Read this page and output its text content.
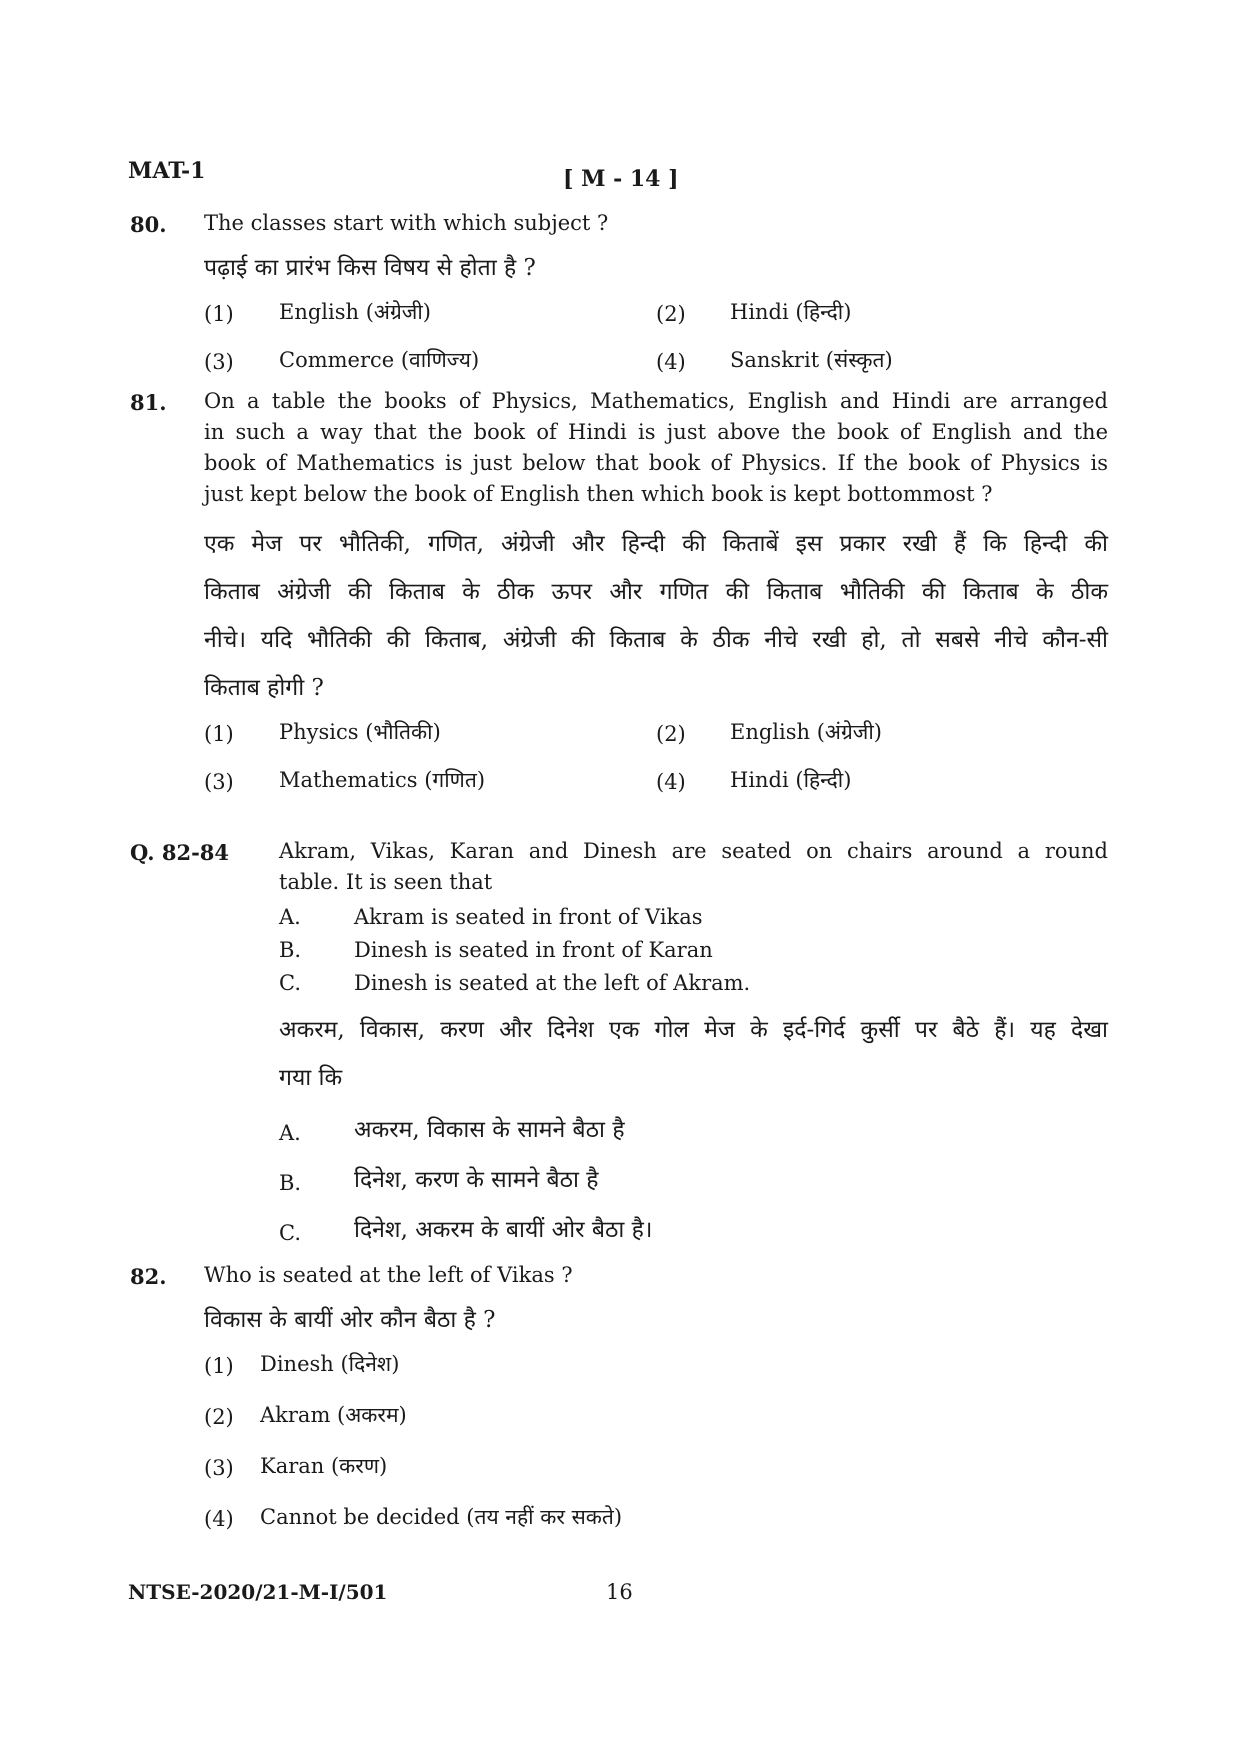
MAT-1	[ M - 14 ]
80. The classes start with which subject ?
पढ़ाई का प्रारंभ किस विषय से होता है ?
(1) English (अंग्रेजी)	(2) Hindi (हिन्दी)
(3) Commerce (वाणिज्य)	(4) Sanskrit (संस्कृत)
81. On a table the books of Physics, Mathematics, English and Hindi are arranged
in such a way that the book of Hindi is just above the book of English and the
book of Mathematics is just below that book of Physics. If the book of Physics is
just kept below the book of English then which book is kept bottommost ?
एक मेज पर भौतिकी, गणित, अंग्रेजी और हिन्दी की किताबें इस प्रकार रखी हैं कि हिन्दी की
किताब अंग्रेजी की किताब के ठीक ऊपर और गणित की किताब भौतिकी की किताब के ठीक
नीचे। यदि भौतिकी की किताब, अंग्रेजी की किताब के ठीक नीचे रखी हो, तो सबसे नीचे कौन-सी
किताब होगी ?
(1) Physics (भौतिकी)	(2) English (अंग्रेजी)
(3) Mathematics (गणित)	(4) Hindi (हिन्दी)
Q. 82-84 Akram, Vikas, Karan and Dinesh are seated on chairs around a round
table. It is seen that
A.	Akram is seated in front of Vikas
B.	Dinesh is seated in front of Karan
C.	Dinesh is seated at the left of Akram.
अकरम, विकास, करण और दिनेश एक गोल मेज के इर्द-गिर्द कुर्सी पर बैठे हैं। यह देखा
गया कि
A. अकरम, विकास के सामने बैठा है
B. दिनेश, करण के सामने बैठा है
C. दिनेश, अकरम के बायीं ओर बैठा है।
82. Who is seated at the left of Vikas ?
विकास के बायीं ओर कौन बैठा है ?
(1) Dinesh (दिनेश)
(2) Akram (अकरम)
(3) Karan (करण)
(4) Cannot be decided (तय नहीं कर सकते)
NTSE-2020/21-M-I/501	16
